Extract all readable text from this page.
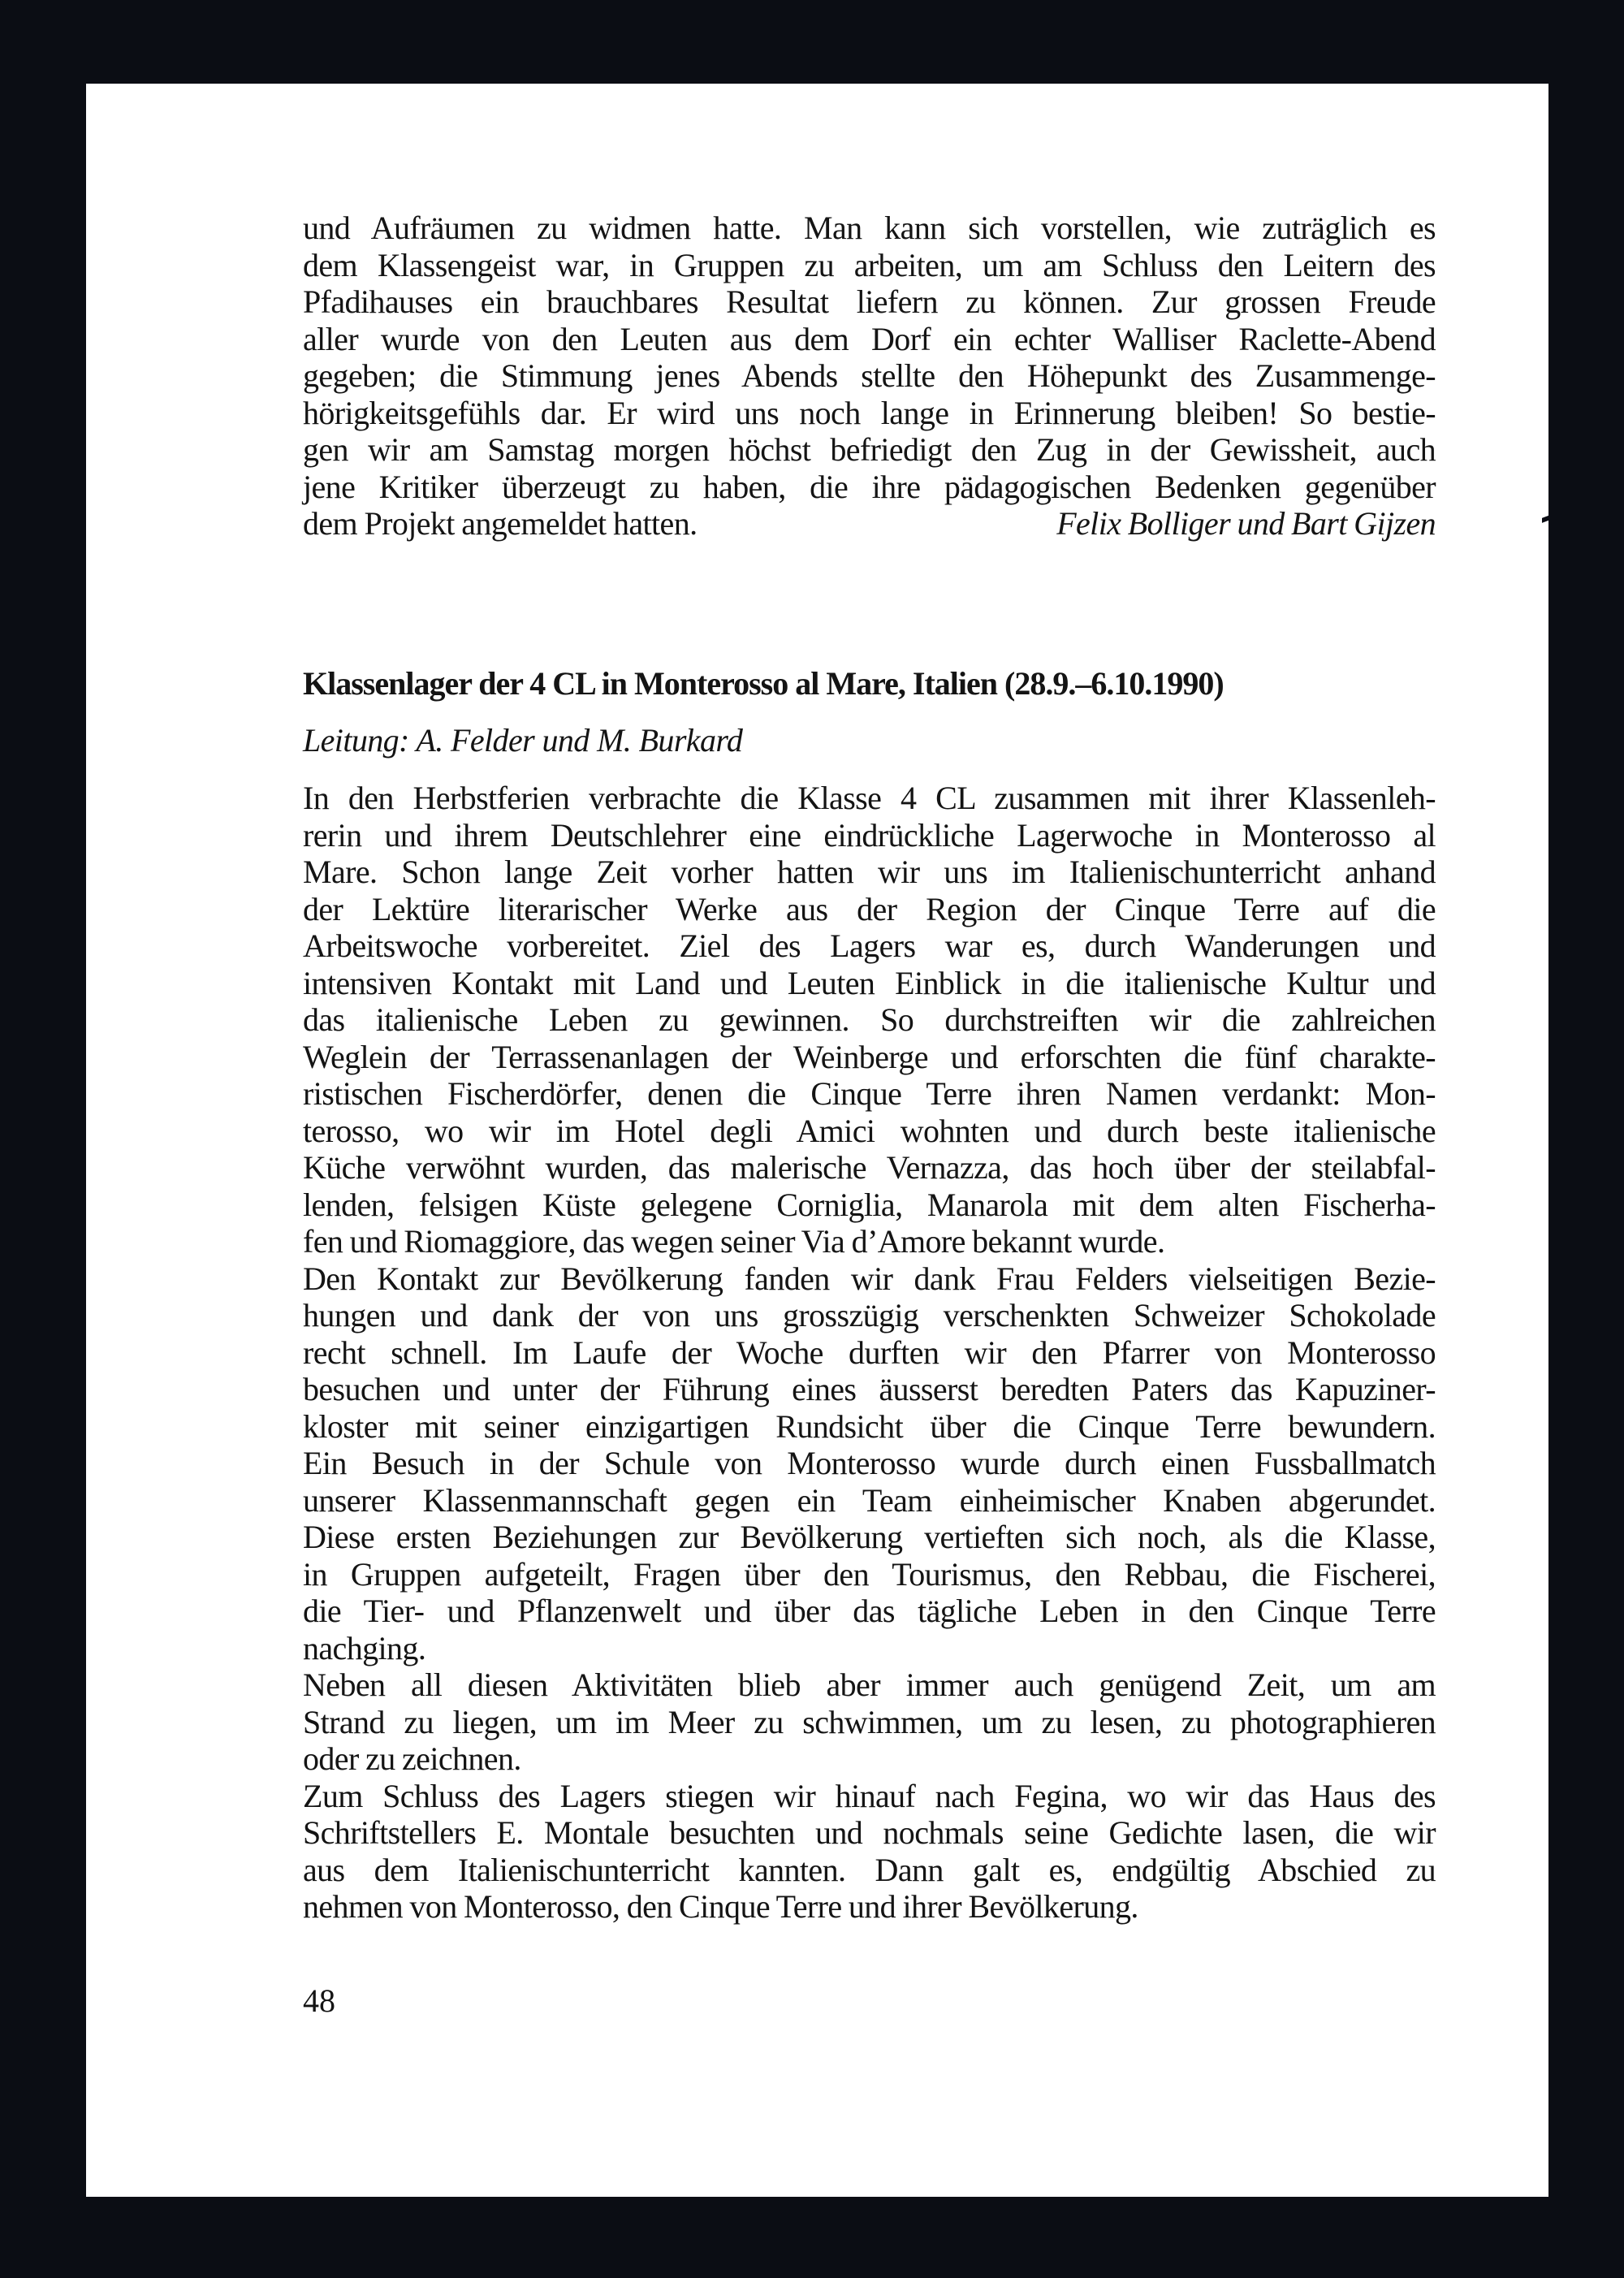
und Aufräumen zu widmen hatte. Man kann sich vorstellen, wie zuträglich es
dem Klassengeist war, in Gruppen zu arbeiten, um am Schluss den Leitern des
Pfadihauses ein brauchbares Resultat liefern zu können. Zur grossen Freude
aller wurde von den Leuten aus dem Dorf ein echter Walliser Raclette-Abend
gegeben; die Stimmung jenes Abends stellte den Höhepunkt des Zusammenge-
hörigkeitsgefühls dar. Er wird uns noch lange in Erinnerung bleiben! So bestie-
gen wir am Samstag morgen höchst befriedigt den Zug in der Gewissheit, auch
jene Kritiker überzeugt zu haben, die ihre pädagogischen Bedenken gegenüber
dem Projekt angemeldet hatten.	Felix Bolliger und Bart Gijzen
Klassenlager der 4 CL in Monterosso al Mare, Italien (28.9.–6.10.1990)
Leitung: A. Felder und M. Burkard
In den Herbstferien verbrachte die Klasse 4 CL zusammen mit ihrer Klassenleh-
rerin und ihrem Deutschlehrer eine eindrückliche Lagerwoche in Monterosso al
Mare. Schon lange Zeit vorher hatten wir uns im Italienischunterricht anhand
der Lektüre literarischer Werke aus der Region der Cinque Terre auf die
Arbeitswoche vorbereitet. Ziel des Lagers war es, durch Wanderungen und
intensiven Kontakt mit Land und Leuten Einblick in die italienische Kultur und
das italienische Leben zu gewinnen. So durchstreiften wir die zahlreichen
Weglein der Terrassenanlagen der Weinberge und erforschten die fünf charakte-
ristischen Fischerdörfer, denen die Cinque Terre ihren Namen verdankt: Mon-
terosso, wo wir im Hotel degli Amici wohnten und durch beste italienische
Küche verwöhnt wurden, das malerische Vernazza, das hoch über der steilabfal-
lenden, felsigen Küste gelegene Corniglia, Manarola mit dem alten Fischerha-
fen und Riomaggiore, das wegen seiner Via d’Amore bekannt wurde.
Den Kontakt zur Bevölkerung fanden wir dank Frau Felders vielseitigen Bezie-
hungen und dank der von uns grosszügig verschenkten Schweizer Schokolade
recht schnell. Im Laufe der Woche durften wir den Pfarrer von Monterosso
besuchen und unter der Führung eines äusserst beredten Paters das Kapuziner-
kloster mit seiner einzigartigen Rundsicht über die Cinque Terre bewundern.
Ein Besuch in der Schule von Monterosso wurde durch einen Fussballmatch
unserer Klassenmannschaft gegen ein Team einheimischer Knaben abgerundet.
Diese ersten Beziehungen zur Bevölkerung vertieften sich noch, als die Klasse,
in Gruppen aufgeteilt, Fragen über den Tourismus, den Rebbau, die Fischerei,
die Tier- und Pflanzenwelt und über das tägliche Leben in den Cinque Terre
nachging.
Neben all diesen Aktivitäten blieb aber immer auch genügend Zeit, um am
Strand zu liegen, um im Meer zu schwimmen, um zu lesen, zu photographieren
oder zu zeichnen.
Zum Schluss des Lagers stiegen wir hinauf nach Fegina, wo wir das Haus des
Schriftstellers E. Montale besuchten und nochmals seine Gedichte lasen, die wir
aus dem Italienischunterricht kannten. Dann galt es, endgültig Abschied zu
nehmen von Monterosso, den Cinque Terre und ihrer Bevölkerung.
48
